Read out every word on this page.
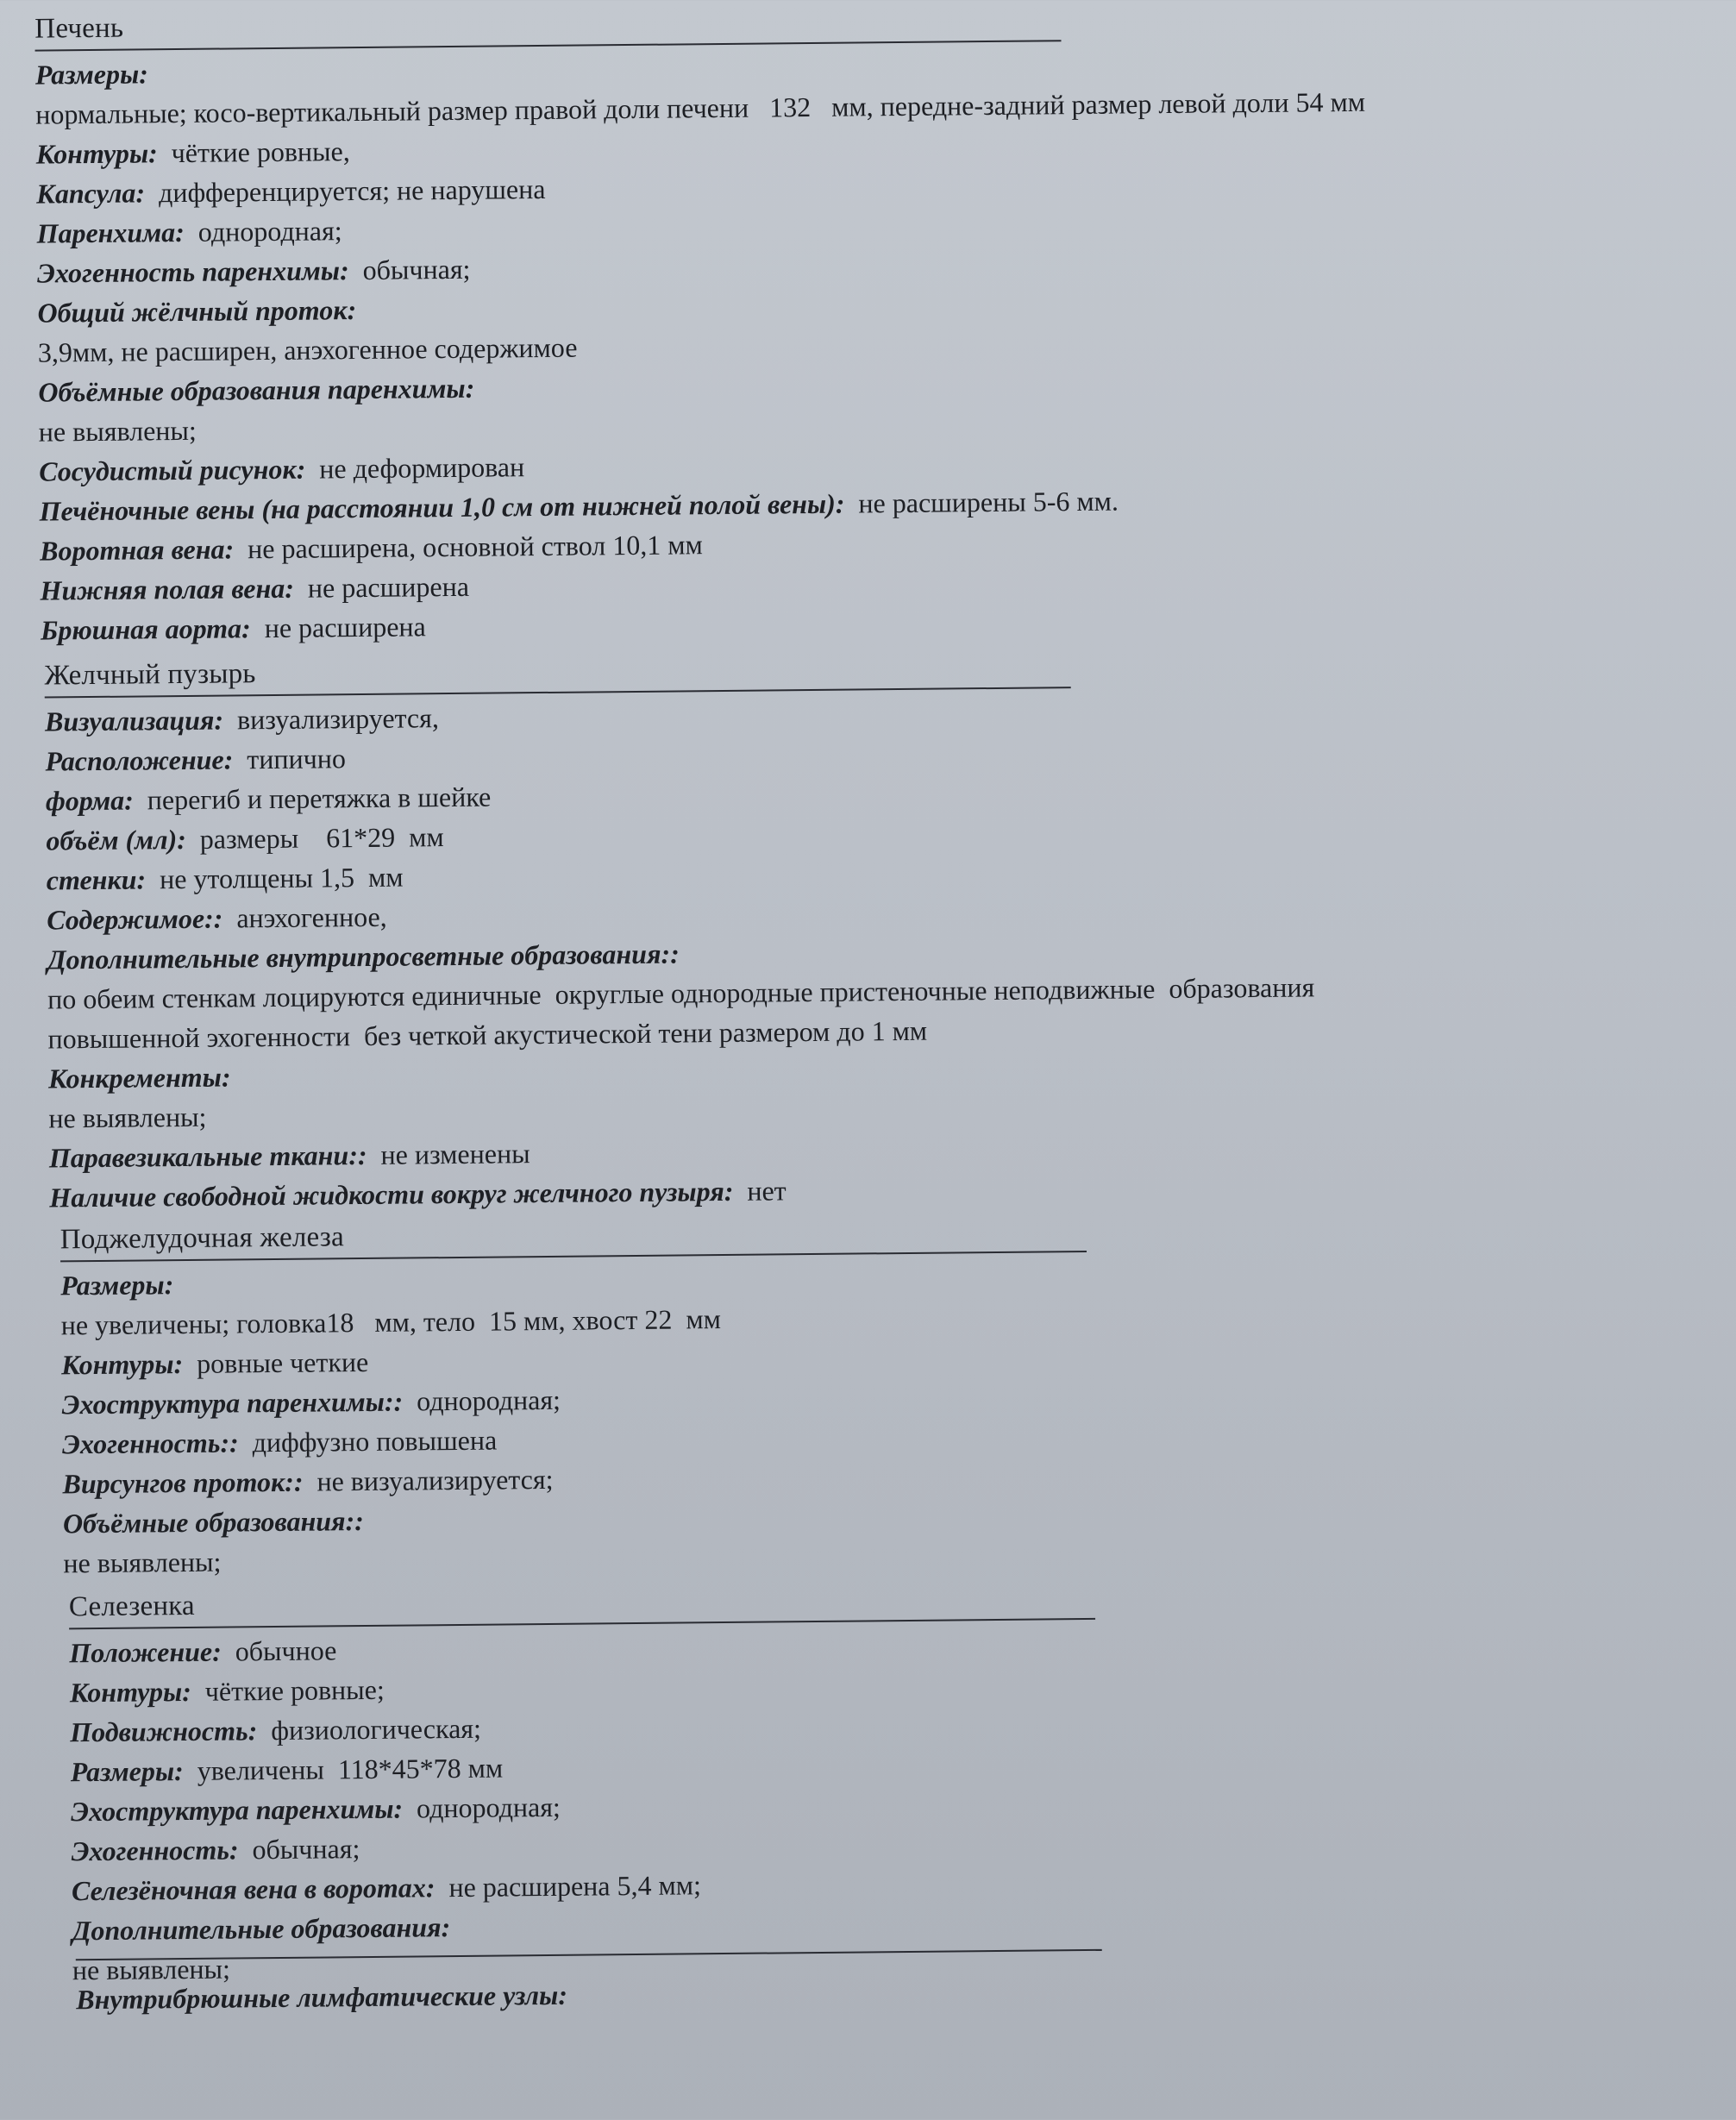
Печень
Размеры:
нормальные; косо-вертикальный размер правой доли печени   132   мм, передне-задний размер левой доли 54 мм
Контуры: чёткие ровные,
Капсула: дифференцируется; не нарушена
Паренхима: однородная;
Эхогенность паренхимы: обычная;
Общий жёлчный проток:
3,9мм, не расширен, анэхогенное содержимое
Объёмные образования паренхимы:
не выявлены;
Сосудистый рисунок: не деформирован
Печёночные вены (на расстоянии 1,0 см от нижней полой вены): не расширены 5-6 мм.
Воротная вена: не расширена, основной ствол 10,1 мм
Нижняя полая вена: не расширена
Брюшная аорта: не расширена
Желчный пузырь
Визуализация: визуализируется,
Расположение: типично
форма: перегиб и перетяжка в шейке
объём (мл): размеры    61*29  мм
стенки: не утолщены 1,5  мм
Содержимое:: анэхогенное,
Дополнительные внутрипросветные образования::
по обеим стенкам лоцируются единичные  округлые однородные пристеночные неподвижные  образования
повышенной эхогенности  без четкой акустической тени размером до 1 мм
Конкременты:
не выявлены;
Паравезикальные ткани:: не изменены
Наличие свободной жидкости вокруг желчного пузыря: нет
Поджелудочная железа
Размеры:
не увеличены; головка18   мм, тело  15 мм, хвост 22  мм
Контуры: ровные четкие
Эхоструктура паренхимы:: однородная;
Эхогенность:: диффузно повышена
Вирсунгов проток:: не визуализируется;
Объёмные образования::
не выявлены;
Селезенка
Положение: обычное
Контуры: чёткие ровные;
Подвижность: физиологическая;
Размеры: увеличены  118*45*78 мм
Эхоструктура паренхимы: однородная;
Эхогенность: обычная;
Селезёночная вена в воротах: не расширена 5,4 мм;
Дополнительные образования:
не выявлены;
Внутрибрюшные лимфатические узлы:
